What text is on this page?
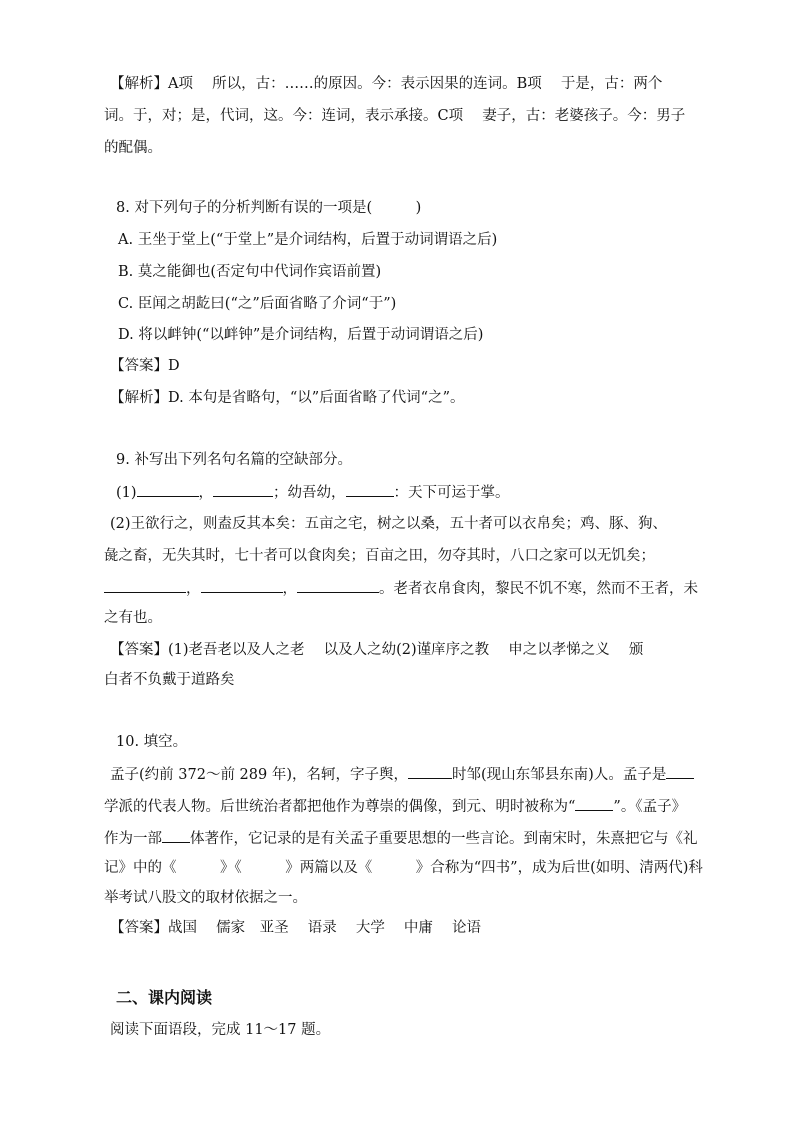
【解析】A项　 所以，古：……的原因。今：表示因果的连词。B项　 于是，古：两个
词。于，对；是，代词，这。今：连词，表示承接。C项　 妻子，古：老婆孩子。今：男子
的配偶。
8. 对下列句子的分析判断有误的一项是(　　　)
A. 王坐于堂上(“于堂上”是介词结构，后置于动词谓语之后)
B. 莫之能御也(否定句中代词作宾语前置)
C. 臣闻之胡龁曰(“之”后面省略了介词“于”)
D. 将以衅钟(“以衅钟”是介词结构，后置于动词谓语之后)
【答案】D
【解析】D. 本句是省略句，“以”后面省略了代词“之”。
9. 补写出下列名句名篇的空缺部分。
(1)	，	；幼吾幼，	：天下可运于掌。
(2)王欲行之，则盍反其本矣：五亩之宅，树之以桑，五十者可以衣帛矣；鸡、豚、狗、
彘之畜，无失其时，七十者可以食肉矣；百亩之田，勿夺其时，八口之家可以无饥矣；
，	，	。老者衣帛食肉，黎民不饥不寒，然而不王者，未
之有也。
【答案】(1)老吾老以及人之老　 以及人之幼(2)谨庠序之教　 申之以孝悌之义　 颁
白者不负戴于道路矣
10. 填空。
孟子(约前 372～前 289 年)，名轲，字子舆，	时邹(现山东邹县东南)人。孟子是
学派的代表人物。后世统治者都把他作为尊崇的偶像，到元、明时被称为“	”。《孟子》
作为一部 体著作，它记录的是有关孟子重要思想的一些言论。到南宋时，朱熹把它与《礼
记》中的《　　　》《　　　》两篇以及《　　　》合称为“四书”，成为后世(如明、清两代)科
举考试八股文的取材依据之一。
【答案】战国　 儒家　亚圣　 语录　 大学　 中庸　 论语
二、课内阅读
阅读下面语段，完成 11～17 题。
